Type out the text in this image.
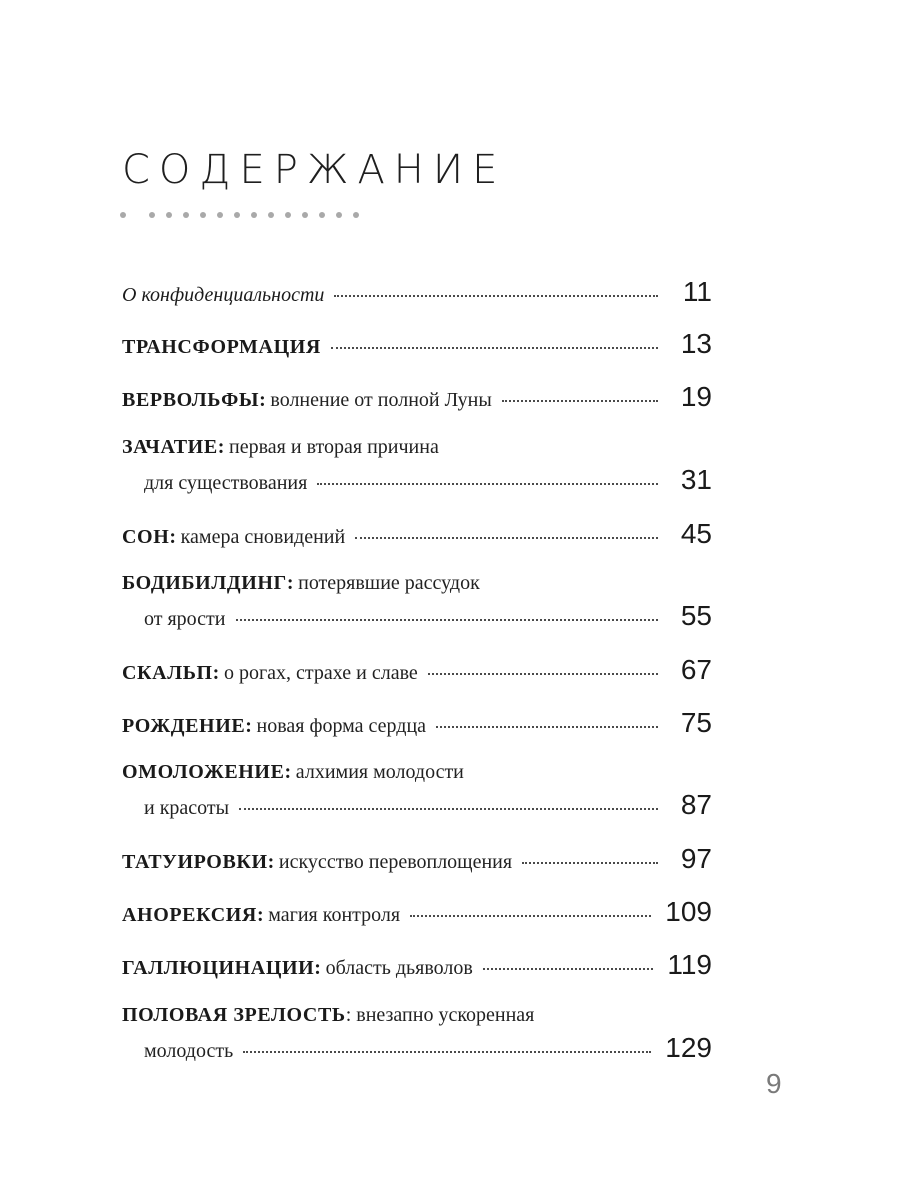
СОДЕРЖАНИЕ
О конфиденциальности	11
ТРАНСФОРМАЦИЯ	13
ВЕРВОЛЬФЫ:
волнение от полной Луны	19
ЗАЧАТИЕ:
первая и вторая причина
для существования	31
СОН:
камера сновидений	45
БОДИБИЛДИНГ:
потерявшие рассудок
от ярости	55
СКАЛЬП:
о рогах, страхе и славе	67
РОЖДЕНИЕ:
новая форма сердца	75
ОМОЛОЖЕНИЕ:
алхимия молодости
и красоты	87
ТАТУИРОВКИ:
искусство перевоплощения	97
АНОРЕКСИЯ:
магия контроля	109
ГАЛЛЮЦИНАЦИИ:
область дьяволов	119
ПОЛОВАЯ ЗРЕЛОСТЬ : внезапно ускоренная
молодость	129
9
